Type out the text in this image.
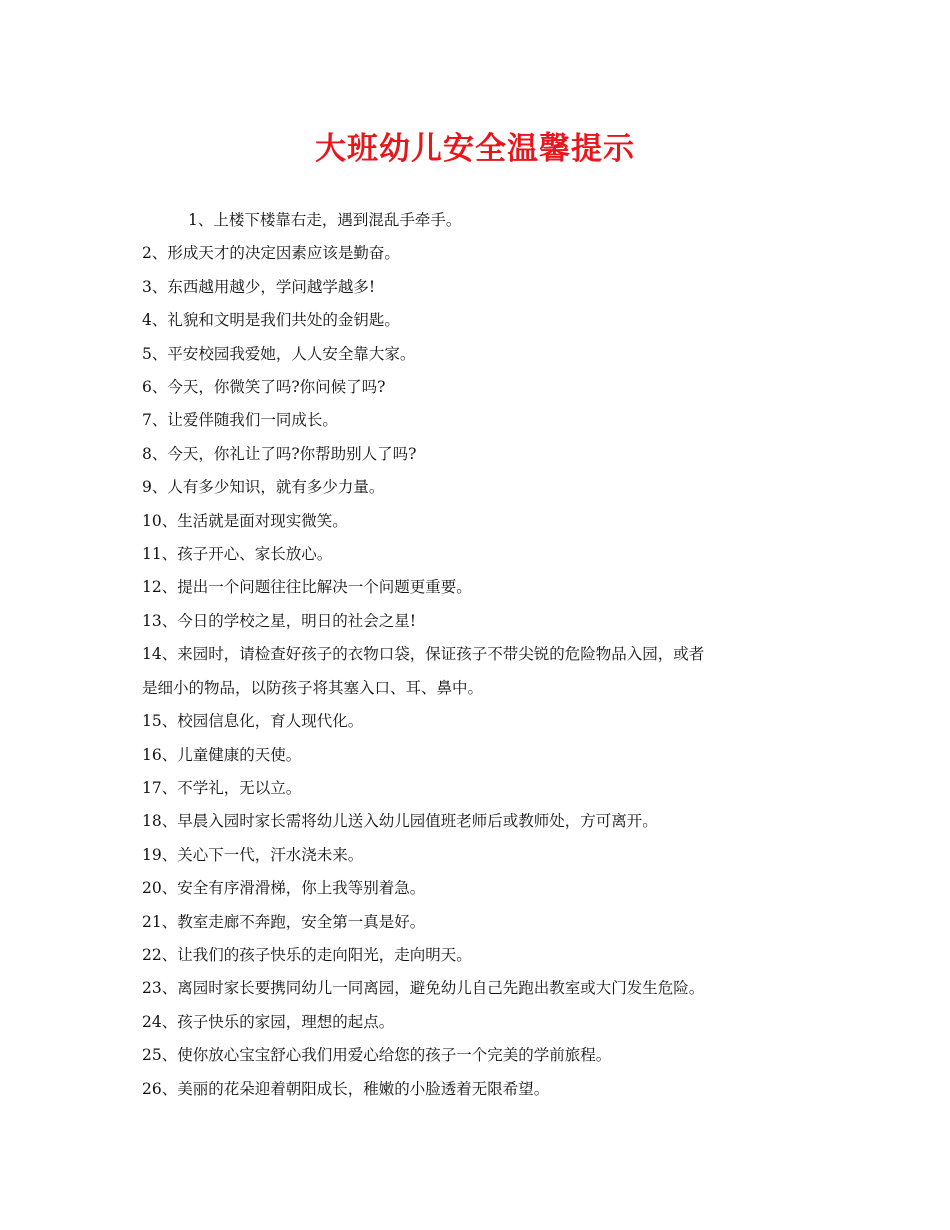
大班幼儿安全温馨提示
1、上楼下楼靠右走，遇到混乱手牵手。
2、形成天才的决定因素应该是勤奋。
3、东西越用越少，学问越学越多!
4、礼貌和文明是我们共处的金钥匙。
5、平安校园我爱她，人人安全靠大家。
6、今天，你微笑了吗?你问候了吗?
7、让爱伴随我们一同成长。
8、今天，你礼让了吗?你帮助别人了吗?
9、人有多少知识，就有多少力量。
10、生活就是面对现实微笑。
11、孩子开心、家长放心。
12、提出一个问题往往比解决一个问题更重要。
13、今日的学校之星，明日的社会之星!
14、来园时，请检查好孩子的衣物口袋，保证孩子不带尖锐的危险物品入园，或者
是细小的物品，以防孩子将其塞入口、耳、鼻中。
15、校园信息化，育人现代化。
16、儿童健康的天使。
17、不学礼，无以立。
18、早晨入园时家长需将幼儿送入幼儿园值班老师后或教师处，方可离开。
19、关心下一代，汗水浇未来。
20、安全有序滑滑梯，你上我等别着急。
21、教室走廊不奔跑，安全第一真是好。
22、让我们的孩子快乐的走向阳光，走向明天。
23、离园时家长要携同幼儿一同离园，避免幼儿自己先跑出教室或大门发生危险。
24、孩子快乐的家园，理想的起点。
25、使你放心宝宝舒心我们用爱心给您的孩子一个完美的学前旅程。
26、美丽的花朵迎着朝阳成长，稚嫩的小脸透着无限希望。
